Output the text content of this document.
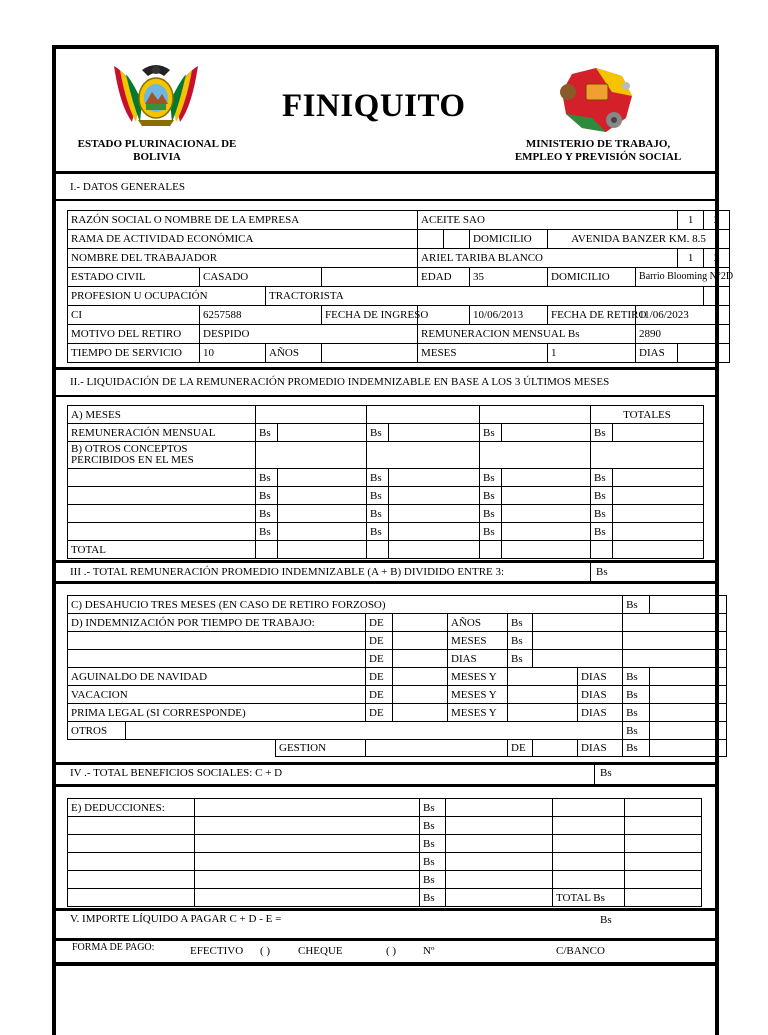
FINIQUITO
ESTADO PLURINACIONAL DE
BOLIVIA
MINISTERIO DE TRABAJO,
EMPLEO Y PREVISIÓN SOCIAL
I.- DATOS GENERALES
RAZÓN SOCIAL O NOMBRE DE LA EMPRESA				ACEITE SAO					1	2
RAMA DE ACTIVIDAD ECONÓMICA						DOMICILIO	AVENIDA BANZER KM. 8.5			
NOMBRE DEL TRABAJADOR				ARIEL TARIBA BLANCO					1	2
ESTADO CIVIL	CASADO			EDAD		35	DOMICILIO	Barrio Blooming N°2D		
PROFESION U OCUPACIÓN		TRACTORISTA								
CI	6257588		FECHA DE INGRESO			10/06/2013	FECHA DE RETIRO	11/06/2023		
MOTIVO DEL RETIRO	DESPIDO			REMUNERACION MENSUAL Bs				2890		
TIEMPO DE SERVICIO	10	AÑOS		MESES			1	DIAS		
II.- LIQUIDACIÓN DE LA REMUNERACIÓN PROMEDIO INDEMNIZABLE EN BASE A LOS 3 ÚLTIMOS MESES
A) MESES							TOTALES	
REMUNERACIÓN MENSUAL	Bs		Bs		Bs		Bs	

B) OTROS CONCEPTOS
PERCIBIDOS EN EL MES								

	Bs		Bs		Bs		Bs	
	Bs		Bs		Bs		Bs	
	Bs		Bs		Bs		Bs	
	Bs		Bs		Bs		Bs	
TOTAL								
III .- TOTAL REMUNERACIÓN PROMEDIO INDEMNIZABLE (A + B) DIVIDIDO ENTRE 3:	Bs
C) DESAHUCIO TRES MESES (EN CASO DE RETIRO FORZOSO)									Bs	
D) INDEMNIZACIÓN POR TIEMPO DE TRABAJO:			DE		AÑOS	Bs				
			DE		MESES	Bs				
			DE		DIAS	Bs				
AGUINALDO DE NAVIDAD			DE		MESES Y			DIAS	Bs	
VACACION			DE		MESES Y			DIAS	Bs	
PRIMA LEGAL (SI CORRESPONDE)			DE		MESES Y			DIAS	Bs	
OTROS									Bs	
		GESTION				DE		DIAS	Bs	
IV .- TOTAL BENEFICIOS SOCIALES: C + D	Bs
E) DEDUCCIONES:		Bs			
		Bs			
		Bs			
		Bs			
		Bs			
		Bs		TOTAL Bs	
V. IMPORTE LÍQUIDO A PAGAR C + D - E =	Bs
FORMA DE PAGO:	EFECTIVO ( )	CHEQUE	( ) Nº	C/BANCO
